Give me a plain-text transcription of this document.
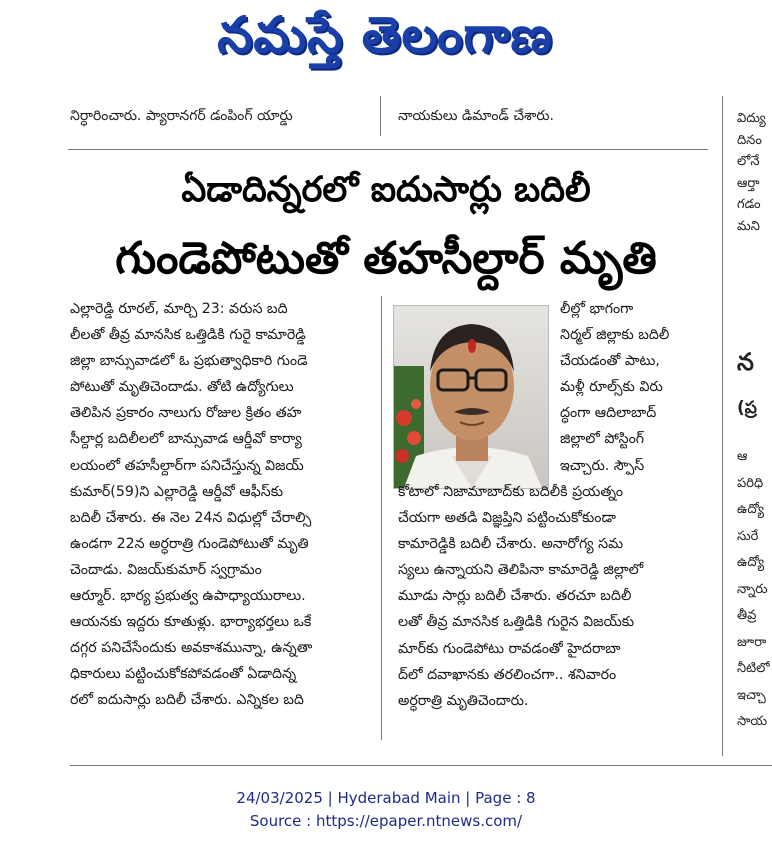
నమస్తే తెలంగాణ
నిర్ధారించారు. ప్యారానగర్ డంపింగ్ యార్డు	నాయకులు డిమాండ్ చేశారు.
ఏడాదిన్నరలో ఐదుసార్లు బదిలీ
గుండెపోటుతో తహసీల్దార్ మృతి
ఎల్లారెడ్డి రూరల్, మార్చి 23: వరుస బది
లీలతో తీవ్ర మానసిక ఒత్తిడికి గురై కామారెడ్డి
జిల్లా బాన్సువాడలో ఓ ప్రభుత్వాధికారి గుండె
పోటుతో మృతిచెందాడు. తోటి ఉద్యోగులు
తెలిపిన ప్రకారం నాలుగు రోజుల క్రితం తహ
సీల్దార్ల బదిలీలలో బాన్సువాడ ఆర్డీవో కార్యా
లయంలో తహసీల్దార్‌గా పనిచేస్తున్న విజయ్
కుమార్(59)ని ఎల్లారెడ్డి ఆర్డీవో ఆఫీస్‌కు
బదిలీ చేశారు. ఈ నెల 24న విధుల్లో చేరాల్సి
ఉండగా 22న అర్ధరాత్రి గుండెపోటుతో మృతి
చెందాడు. విజయ్‌కుమార్ స్వగ్రామం
ఆర్మూర్. భార్య ప్రభుత్వ ఉపాధ్యాయురాలు.
ఆయనకు ఇద్దరు కూతుళ్లు. భార్యాభర్తలు ఒకే
దగ్గర పనిచేసేందుకు అవకాశమున్నా, ఉన్నతా
ధికారులు పట్టించుకోకపోవడంతో ఏడాదిన్న
రలో ఐదుసార్లు బదిలీ చేశారు. ఎన్నికల బది
లీల్లో భాగంగా
నిర్మల్ జిల్లాకు బదిలీ
చేయడంతో పాటు,
మళ్లీ రూల్స్‌కు విరు
ద్ధంగా ఆదిలాబాద్
జిల్లాలో పోస్టింగ్
ఇచ్చారు. స్పౌస్
కోటాలో నిజామాబాద్‌కు బదిలీకి ప్రయత్నం
చేయగా అతడి విజ్ఞప్తిని పట్టించుకోకుండా
కామారెడ్డికి బదిలీ చేశారు. అనారోగ్య సమ
స్యలు ఉన్నాయని తెలిపినా కామారెడ్డి జిల్లాలో
మూడు సార్లు బదిలీ చేశారు. తరచూ బదిలీ
లతో తీవ్ర మానసిక ఒత్తిడికి గురైన విజయ్‌కు
మార్‌కు గుండెపోటు రావడంతో హైదరాబా
ద్‌లో దవాఖానకు తరలించగా.. శనివారం
అర్ధరాత్రి మృతిచెందారు.
విద్యు
దినం
లోనే
ఆర్తా
గడం
మని
న
(ప్ర
ఆ
పరిధి
ఉద్యో
సురే
ఉద్యో
న్నారు
తీవ్ర
జూరా
నీటిలో
ఇచ్చా
సాయ
24/03/2025 | Hyderabad Main | Page : 8
Source : https://epaper.ntnews.com/
